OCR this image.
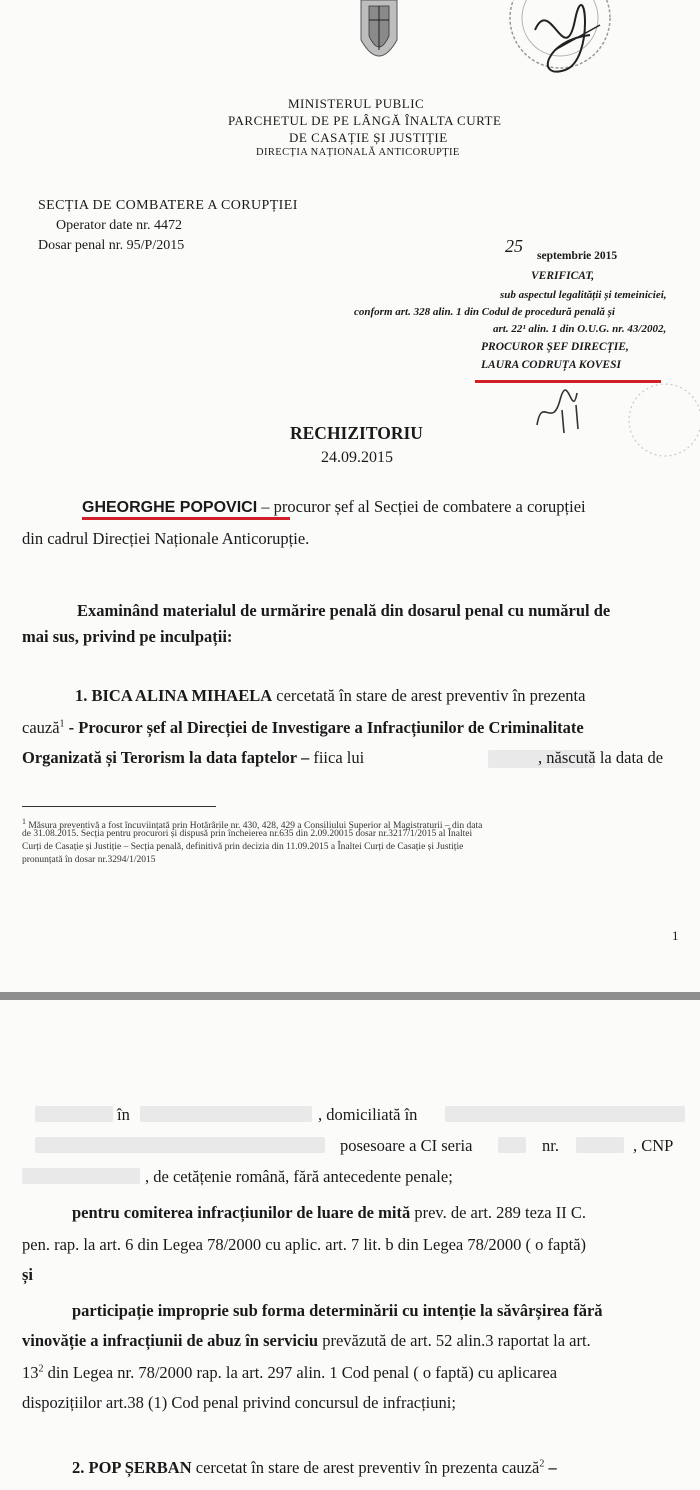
MINISTERUL PUBLIC
PARCHETUL DE PE LÂNGĂ ÎNALTA CURTE
DE CASAȚIE ȘI JUSTIȚIE
DIRECȚIA NAȚIONALĂ ANTICORUPȚIE
SECȚIA DE COMBATERE A CORUPȚIEI
Operator date nr. 4472
Dosar penal nr. 95/P/2015	25 septembrie 2015
VERIFICAT,
sub aspectul legalității și temeiniciei,
conform art. 328 alin. 1 din Codul de procedură penală și
art. 22¹ alin. 1 din O.U.G. nr. 43/2002,
PROCUROR ȘEF DIRECȚIE,
LAURA CODRUȚA KOVESI
RECHIZITORIU
24.09.2015
GHEORGHE POPOVICI – procuror șef al Secției de combatere a corupției
din cadrul Direcției Naționale Anticorupție.
Examinând materialul de urmărire penală din dosarul penal cu numărul de
mai sus, privind pe inculpații:
1. BICA ALINA MIHAELA cercetată în stare de arest preventiv în prezenta
cauză$^1$ - Procuror șef al Direcției de Investigare a Infracțiunilor de Criminalitate
Organizată și Terorism la data faptelor – fiica lui	, născută la data de
$^1$ Măsura preventivă a fost încuviințată prin Hotărârile nr. 430, 428, 429 a Consiliului Superior al Magistraturii – din data
de 31.08.2015. Secția pentru procurori și dispusă prin încheierea nr.635 din 2.09.20015 dosar nr.3217/1/2015 al Înaltei
Curți de Casație și Justiție – Secția penală, definitivă prin decizia din 11.09.2015 a Înaltei Curți de Casație și Justiție
pronunțată în dosar nr.3294/1/2015
1
în	, domiciliată în
posesoare a CI seria	nr.	, CNP
, de cetățenie română, fără antecedente penale;
pentru comiterea infracțiunilor de luare de mită prev. de art. 289 teza II C.
pen. rap. la art. 6 din Legea 78/2000 cu aplic. art. 7 lit. b din Legea 78/2000 ( o faptă)
și
participație improprie sub forma determinării cu intenție la săvârșirea fără
vinovăție a infracțiunii de abuz în serviciu prevăzută de art. 52 alin.3 raportat la art.
$13^2$ din Legea nr. 78/2000 rap. la art. 297 alin. 1 Cod penal ( o faptă) cu aplicarea
dispozițiilor art.38 (1) Cod penal privind concursul de infracțiuni;
2. POP ȘERBAN cercetat în stare de arest preventiv în prezenta cauză$^2$ –
